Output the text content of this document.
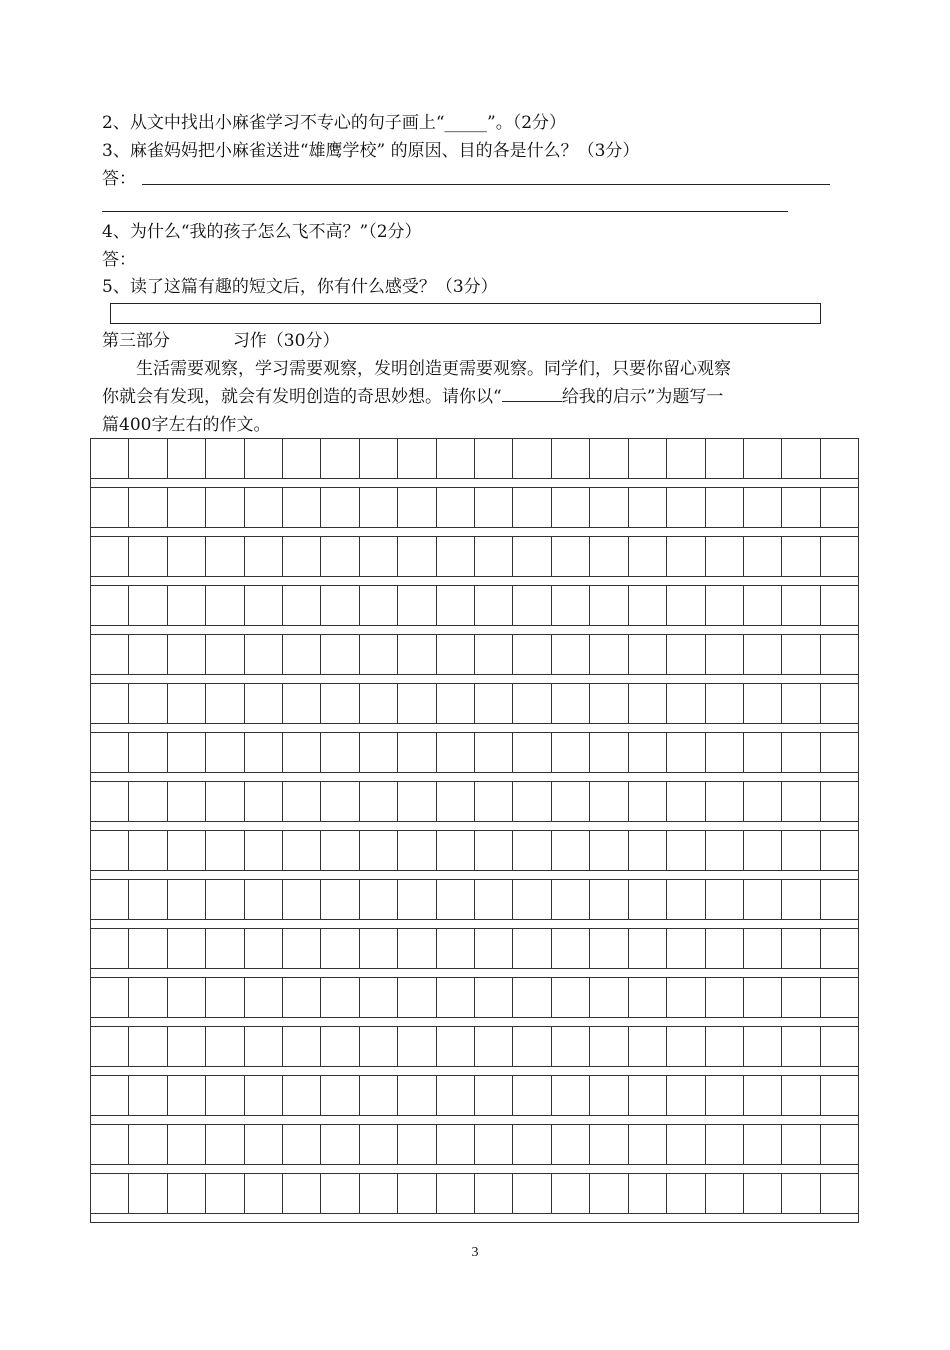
2、从文中找出小麻雀学习不专心的句子画上“_____”。（2分）
3、麻雀妈妈把小麻雀送进“雄鹰学校” 的原因、目的各是什么？（3分）
答：
4、为什么“我的孩子怎么飞不高？”（2分）
答：
5、读了这篇有趣的短文后，你有什么感受？（3分）
第三部分	习作（30分）
生活需要观察，学习需要观察，发明创造更需要观察。同学们，只要你留心观察
你就会有发现，就会有发明创造的奇思妙想。请你以“	给我的启示”为题写一
篇400字左右的作文。
3
